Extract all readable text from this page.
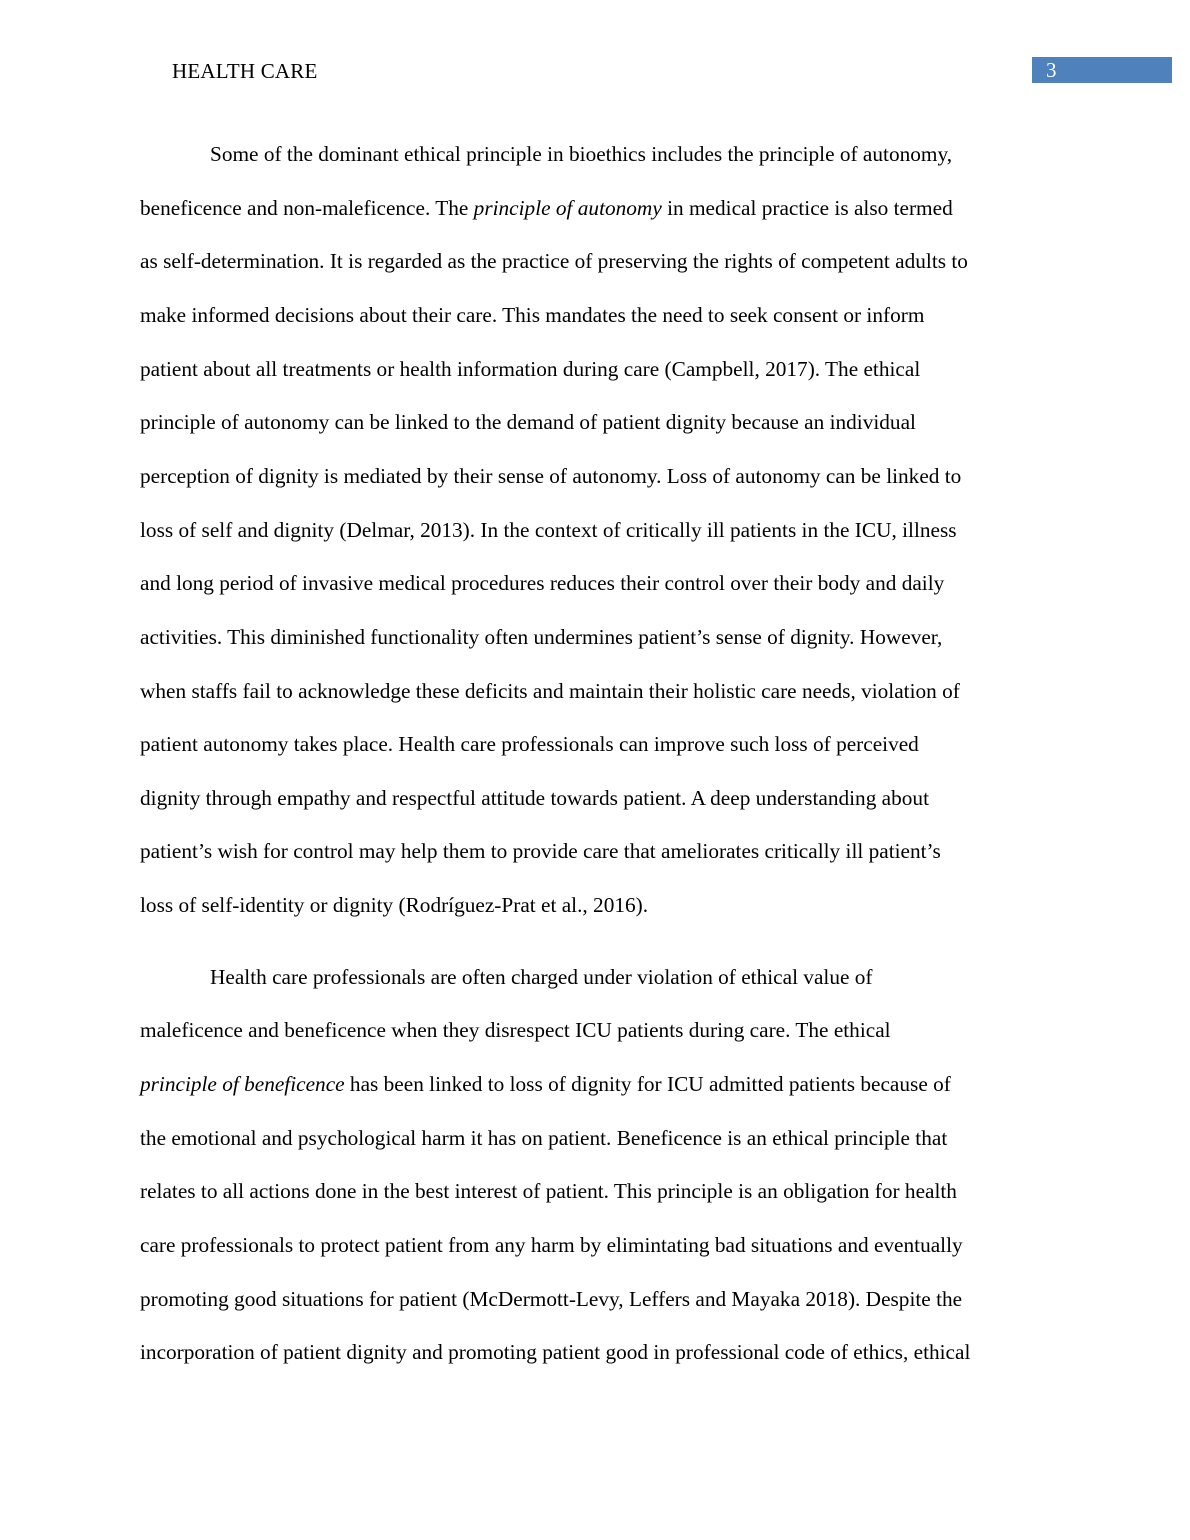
HEALTH CARE	3
Some of the dominant ethical principle in bioethics includes the principle of autonomy,
beneficence and non-maleficence. The principle of autonomy in medical practice is also termed
as self-determination. It is regarded as the practice of preserving the rights of competent adults to
make informed decisions about their care. This mandates the need to seek consent or inform
patient about all treatments or health information during care (Campbell, 2017). The ethical
principle of autonomy can be linked to the demand of patient dignity because an individual
perception of dignity is mediated by their sense of autonomy. Loss of autonomy can be linked to
loss of self and dignity (Delmar, 2013). In the context of critically ill patients in the ICU, illness
and long period of invasive medical procedures reduces their control over their body and daily
activities. This diminished functionality often undermines patient’s sense of dignity. However,
when staffs fail to acknowledge these deficits and maintain their holistic care needs, violation of
patient autonomy takes place. Health care professionals can improve such loss of perceived
dignity through empathy and respectful attitude towards patient. A deep understanding about
patient’s wish for control may help them to provide care that ameliorates critically ill patient’s
loss of self-identity or dignity (Rodríguez-Prat et al., 2016).
Health care professionals are often charged under violation of ethical value of
maleficence and beneficence when they disrespect ICU patients during care. The ethical
principle of beneficence has been linked to loss of dignity for ICU admitted patients because of
the emotional and psychological harm it has on patient. Beneficence is an ethical principle that
relates to all actions done in the best interest of patient. This principle is an obligation for health
care professionals to protect patient from any harm by elimintating bad situations and eventually
promoting good situations for patient (McDermott-Levy, Leffers and Mayaka 2018). Despite the
incorporation of patient dignity and promoting patient good in professional code of ethics, ethical
